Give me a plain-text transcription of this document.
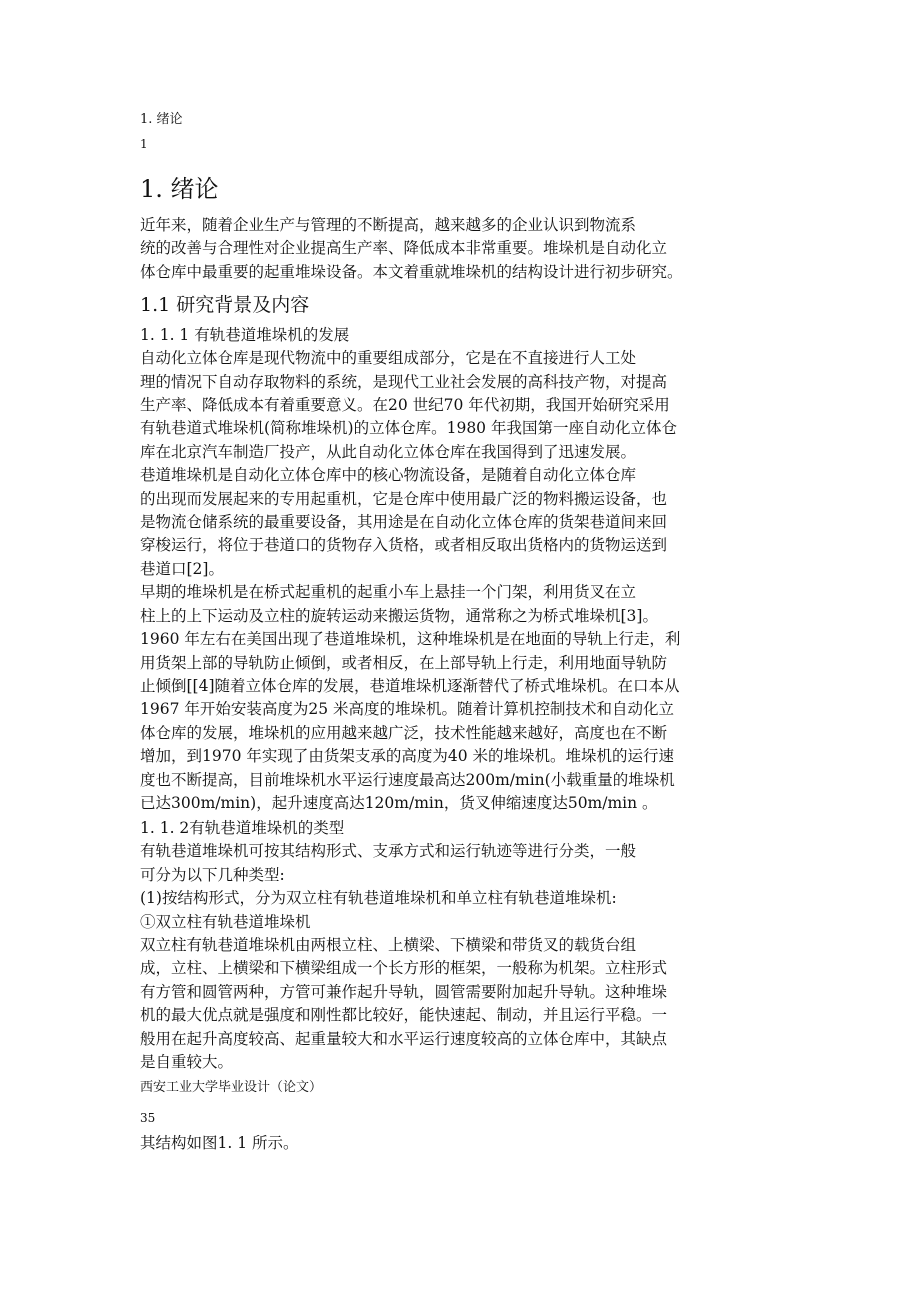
1. 绪论

1

1. 绪论
近年来，随着企业生产与管理的不断提高，越来越多的企业认识到物流系
统的改善与合理性对企业提高生产率、降低成本非常重要。堆垛机是自动化立
体仓库中最重要的起重堆垛设备。本文着重就堆垛机的结构设计进行初步研究。
1.1 研究背景及内容
1. 1. 1 有轨巷道堆垛机的发展
自动化立体仓库是现代物流中的重要组成部分，它是在不直接进行人工处
理的情况下自动存取物料的系统，是现代工业社会发展的高科技产物，对提高
生产率、降低成本有着重要意义。在20 世纪70 年代初期，我国开始研究采用
有轨巷道式堆垛机(简称堆垛机)的立体仓库。1980 年我国第一座自动化立体仓
库在北京汽车制造厂投产，从此自动化立体仓库在我国得到了迅速发展。
巷道堆垛机是自动化立体仓库中的核心物流设备，是随着自动化立体仓库
的出现而发展起来的专用起重机，它是仓库中使用最广泛的物料搬运设备，也
是物流仓储系统的最重要设备，其用途是在自动化立体仓库的货架巷道间来回
穿梭运行，将位于巷道口的货物存入货格，或者相反取出货格内的货物运送到
巷道口[2]。
早期的堆垛机是在桥式起重机的起重小车上悬挂一个门架，利用货叉在立
柱上的上下运动及立柱的旋转运动来搬运货物，通常称之为桥式堆垛机[3]。
1960 年左右在美国出现了巷道堆垛机，这种堆垛机是在地面的导轨上行走，利
用货架上部的导轨防止倾倒，或者相反，在上部导轨上行走，利用地面导轨防
止倾倒[[4]随着立体仓库的发展，巷道堆垛机逐渐替代了桥式堆垛机。在口本从
1967 年开始安装高度为25 米高度的堆垛机。随着计算机控制技术和自动化立
体仓库的发展，堆垛机的应用越来越广泛，技术性能越来越好，高度也在不断
增加，到1970 年实现了由货架支承的高度为40 米的堆垛机。堆垛机的运行速
度也不断提高，目前堆垛机水平运行速度最高达200m/min(小载重量的堆垛机
已达300m/min)，起升速度高达120m/min，货叉伸缩速度达50m/min 。
1. 1. 2有轨巷道堆垛机的类型
有轨巷道堆垛机可按其结构形式、支承方式和运行轨迹等进行分类，一般
可分为以下几种类型:
(1)按结构形式，分为双立柱有轨巷道堆垛机和单立柱有轨巷道堆垛机:
①双立柱有轨巷道堆垛机
双立柱有轨巷道堆垛机由两根立柱、上横梁、下横梁和带货叉的载货台组
成，立柱、上横梁和下横梁组成一个长方形的框架，一般称为机架。立柱形式
有方管和圆管两种，方管可兼作起升导轨，圆管需要附加起升导轨。这种堆垛
机的最大优点就是强度和刚性都比较好，能快速起、制动，并且运行平稳。一
般用在起升高度较高、起重量较大和水平运行速度较高的立体仓库中，其缺点
是自重较大。

西安工业大学毕业设计（论文）

35

其结构如图1. 1 所示。
